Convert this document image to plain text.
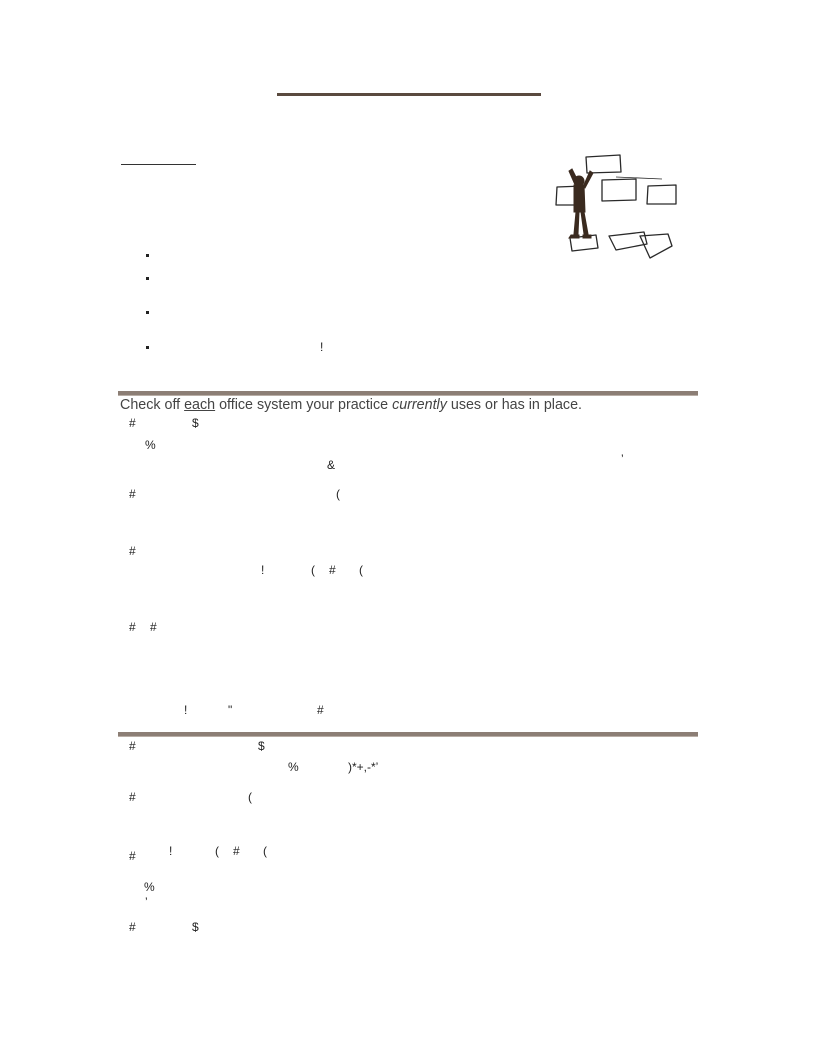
!
Check off each office system your practice currently uses or has in place.
#	$
%
&	’
#	(
#
!	( # (
# #
!	"	#
#	$
%	)*+,-*’
#	(
#	!	( # (
%
’
#	$
